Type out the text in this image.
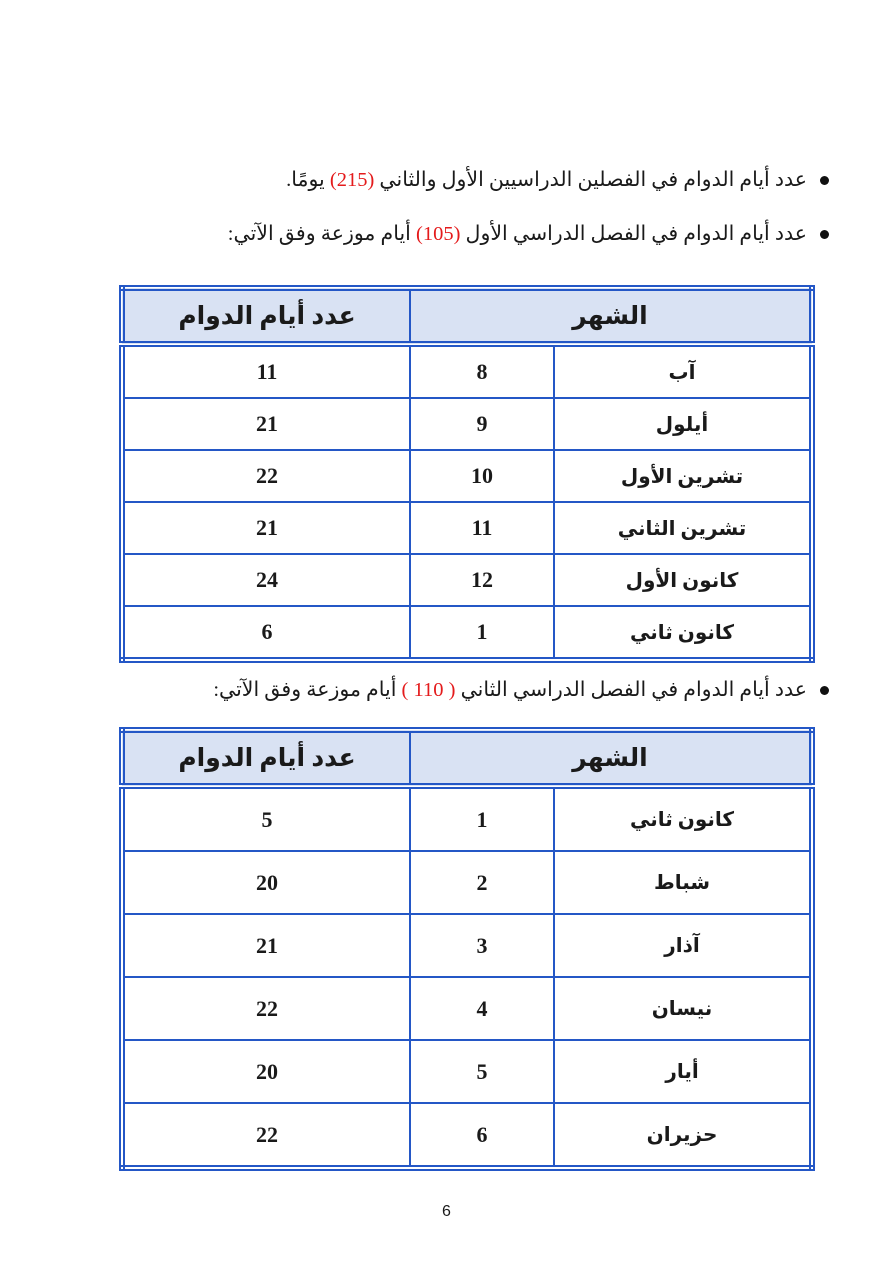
عدد أيام الدوام في الفصلين الدراسيين الأول والثاني (215) يومًا.
عدد أيام الدوام في الفصل الدراسي الأول (105) أيام موزعة وفق الآتي:
الشهر		عدد أيام الدوام
آب	8	11
أيلول	9	21
تشرين الأول	10	22
تشرين الثاني	11	21
كانون الأول	12	24
كانون ثاني	1	6
عدد أيام الدوام في الفصل الدراسي الثاني ( 110 ) أيام موزعة وفق الآتي:
الشهر		عدد أيام الدوام
كانون ثاني	1	5
شباط	2	20
آذار	3	21
نيسان	4	22
أيار	5	20
حزيران	6	22
6
